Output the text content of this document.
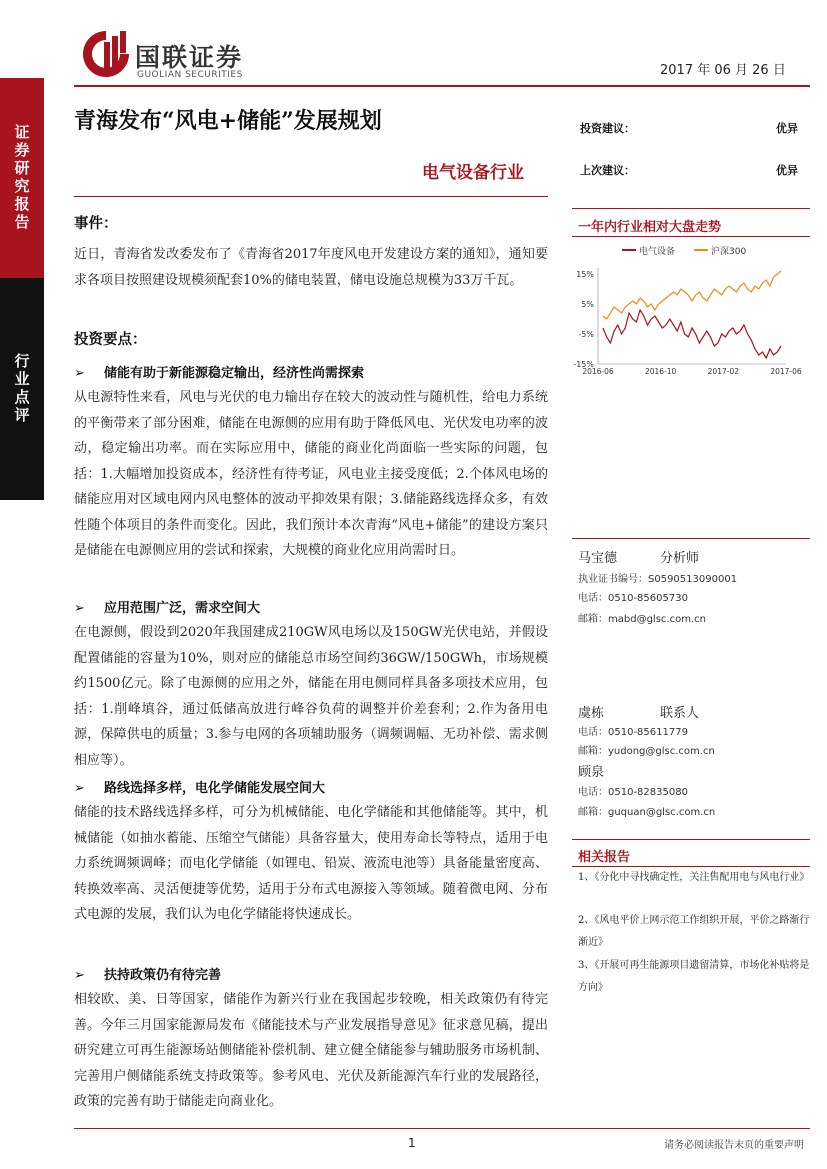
国联证券
GUOLIAN SECURITIES	2017 年 06 月 26 日
证券研究报告
行业点评
青海发布“风电+储能”发展规划
电气设备行业
投资建议：	优异
上次建议：	优异
事件：
近日，青海省发改委发布了《青海省2017年度风电开发建设方案的通知》，通知要求各项目按照建设规模须配套10%的储电装置，储电设施总规模为33万千瓦。
投资要点：
➢ 储能有助于新能源稳定输出，经济性尚需探索
从电源特性来看，风电与光伏的电力输出存在较大的波动性与随机性，给电力系统的平衡带来了部分困难，储能在电源侧的应用有助于降低风电、光伏发电功率的波动，稳定输出功率。而在实际应用中，储能的商业化尚面临一些实际的问题，包括：1.大幅增加投资成本，经济性有待考证，风电业主接受度低；2.个体风电场的储能应用对区域电网内风电整体的波动平抑效果有限；3.储能路线选择众多，有效性随个体项目的条件而变化。因此，我们预计本次青海“风电+储能”的建设方案只是储能在电源侧应用的尝试和探索，大规模的商业化应用尚需时日。
➢ 应用范围广泛，需求空间大
在电源侧，假设到2020年我国建成210GW风电场以及150GW光伏电站，并假设配置储能的容量为10%，则对应的储能总市场空间约36GW/150GWh，市场规模约1500亿元。除了电源侧的应用之外，储能在用电侧同样具备多项技术应用，包括：1.削峰填谷，通过低储高放进行峰谷负荷的调整并价差套利；2.作为备用电源，保障供电的质量；3.参与电网的各项辅助服务（调频调幅、无功补偿、需求侧相应等）。
➢ 路线选择多样，电化学储能发展空间大
储能的技术路线选择多样，可分为机械储能、电化学储能和其他储能等。其中，机械储能（如抽水蓄能、压缩空气储能）具备容量大，使用寿命长等特点，适用于电力系统调频调峰；而电化学储能（如锂电、铅炭、液流电池等）具备能量密度高、转换效率高、灵活便捷等优势，适用于分布式电源接入等领域。随着微电网、分布式电源的发展，我们认为电化学储能将快速成长。
➢ 扶持政策仍有待完善
相较欧、美、日等国家，储能作为新兴行业在我国起步较晚，相关政策仍有待完善。今年三月国家能源局发布《储能技术与产业发展指导意见》征求意见稿，提出研究建立可再生能源场站侧储能补偿机制、建立健全储能参与辅助服务市场机制、完善用户侧储能系统支持政策等。参考风电、光伏及新能源汽车行业的发展路径，政策的完善有助于储能走向商业化。
一年内行业相对大盘走势
电气设备	沪深300
15%
5%
-5%
-15%
2016-06	2016-10	2017-02	2017-06
马宝德	分析师
执业证书编号：S0590513090001
电话：0510-85605730
邮箱：mabd@glsc.com.cn
虞栋	联系人
电话：0510-85611779
邮箱：yudong@glsc.com.cn
顾泉
电话：0510-82835080
邮箱：guquan@glsc.com.cn
相关报告
1、《分化中寻找确定性，关注售配用电与风电行业》
2、《风电平价上网示范工作组织开展，平价之路渐行渐近》
3、《开展可再生能源项目遗留清算，市场化补贴将是方向》
1	请务必阅读报告末页的重要声明
